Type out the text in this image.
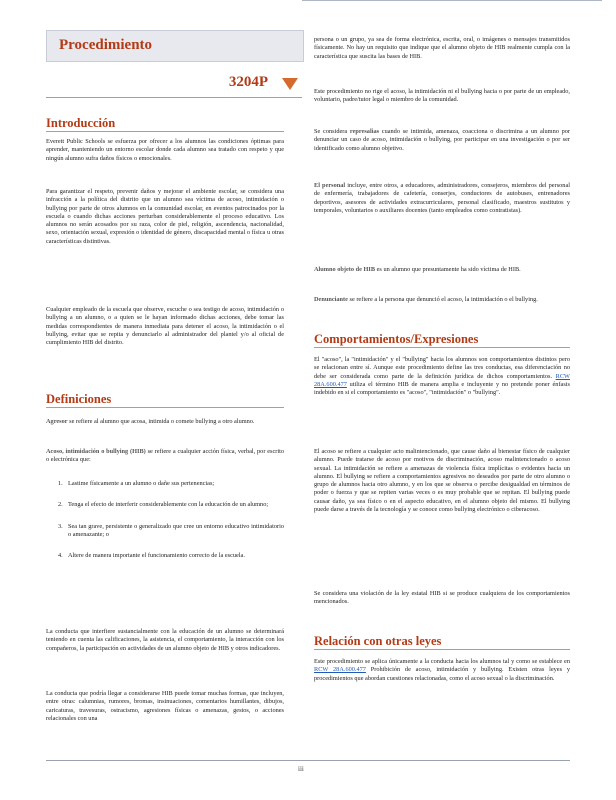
Procedimiento
3204P
Introducción

Everett Public Schools se esfuerza por ofrecer a los alumnos las condiciones óptimas para aprender, manteniendo un entorno escolar donde cada alumno sea tratado con respeto y que ningún alumno sufra daños físicos o emocionales.

Para garantizar el respeto, prevenir daños y mejorar el ambiente escolar, se considera una infracción a la política del distrito que un alumno sea víctima de acoso, intimidación o bullying por parte de otros alumnos en la comunidad escolar, en eventos patrocinados por la escuela o cuando dichas acciones perturban considerablemente el proceso educativo. Los alumnos no serán acosados por su raza, color de piel, religión, ascendencia, nacionalidad, sexo, orientación sexual, expresión o identidad de género, discapacidad mental o física u otras características distintivas.

Cualquier empleado de la escuela que observe, escuche o sea testigo de acoso, intimidación o bullying a un alumno, o a quien se le hayan informado dichas acciones, debe tomar las medidas correspondientes de manera inmediata para detener el acoso, la intimidación o el bullying, evitar que se repita y denunciarlo al administrador del plantel y/o al oficial de cumplimiento HIB del distrito.

Definiciones

Agresor se refiere al alumno que acosa, intimida o comete bullying a otro alumno.

Acoso, intimidación o bullying (HIB) se refiere a cualquier acción física, verbal, por escrito o electrónica que:

1. Lastime físicamente a un alumno o dañe sus pertenencias;
2. Tenga el efecto de interferir considerablemente con la educación de un alumno;
3. Sea tan grave, persistente o generalizado que cree un entorno educativo intimidatorio o amenazante; o
4. Altere de manera importante el funcionamiento correcto de la escuela.

La conducta que interfiere sustancialmente con la educación de un alumno se determinará teniendo en cuenta las calificaciones, la asistencia, el comportamiento, la interacción con los compañeros, la participación en actividades de un alumno objeto de HIB y otros indicadores.

La conducta que podría llegar a considerarse HIB puede tomar muchas formas, que incluyen, entre otras: calumnias, rumores, bromas, insinuaciones, comentarios humillantes, dibujos, caricaturas, travesuras, ostracismo, agresiones físicas o amenazas, gestos, o acciones relacionales con una

persona o un grupo, ya sea de forma electrónica, escrita, oral, o imágenes o mensajes transmitidos físicamente. No hay un requisito que indique que el alumno objeto de HIB realmente cumpla con la característica que suscita las bases de HIB.

Este procedimiento no rige el acoso, la intimidación ni el bullying hacia o por parte de un empleado, voluntario, padre/tutor legal o miembro de la comunidad.

Se considera represalias cuando se intimida, amenaza, coacciona o discrimina a un alumno por denunciar un caso de acoso, intimidación o bullying, por participar en una investigación o por ser identificado como alumno objetivo.

El personal incluye, entre otros, a educadores, administradores, consejeros, miembros del personal de enfermería, trabajadores de cafetería, conserjes, conductores de autobuses, entrenadores deportivos, asesores de actividades extracurriculares, personal clasificado, maestros sustitutos y temporales, voluntarios o auxiliares docentes (tanto empleados como contratistas).

Alumno objeto de HIB es un alumno que presuntamente ha sido víctima de HIB.

Denunciante se refiere a la persona que denunció el acoso, la intimidación o el bullying.

Comportamientos/Expresiones

El "acoso", la "intimidación" y el "bullying" hacia los alumnos son comportamientos distintos pero se relacionan entre sí. Aunque este procedimiento define las tres conductas, esa diferenciación no debe ser considerada como parte de la definición jurídica de dichos comportamientos. RCW 28A.600.477 utiliza el término HIB de manera amplia e incluyente y no pretende poner énfasis indebido en si el comportamiento es "acoso", "intimidación" o "bullying".

El acoso se refiere a cualquier acto malintencionado, que cause daño al bienestar físico de cualquier alumno. Puede tratarse de acoso por motivos de discriminación, acoso malintencionado o acoso sexual. La intimidación se refiere a amenazas de violencia física implícitas o evidentes hacia un alumno. El bullying se refiere a comportamientos agresivos no deseados por parte de otro alumno o grupo de alumnos hacia otro alumno, y en los que se observa o percibe desigualdad en términos de poder o fuerza y que se repiten varias veces o es muy probable que se repitan. El bullying puede causar daño, ya sea físico o en el aspecto educativo, en el alumno objeto del mismo. El bullying puede darse a través de la tecnología y se conoce como bullying electrónico o ciberacoso.

Se considera una violación de la ley estatal HIB si se produce cualquiera de los comportamientos mencionados.

Relación con otras leyes

Este procedimiento se aplica únicamente a la conducta hacia los alumnos tal y como se establece en RCW 28A.600.477 Prohibición de acoso, intimidación y bullying. Existen otras leyes y procedimientos que abordan cuestiones relacionadas, como el acoso sexual o la discriminación.

iii
